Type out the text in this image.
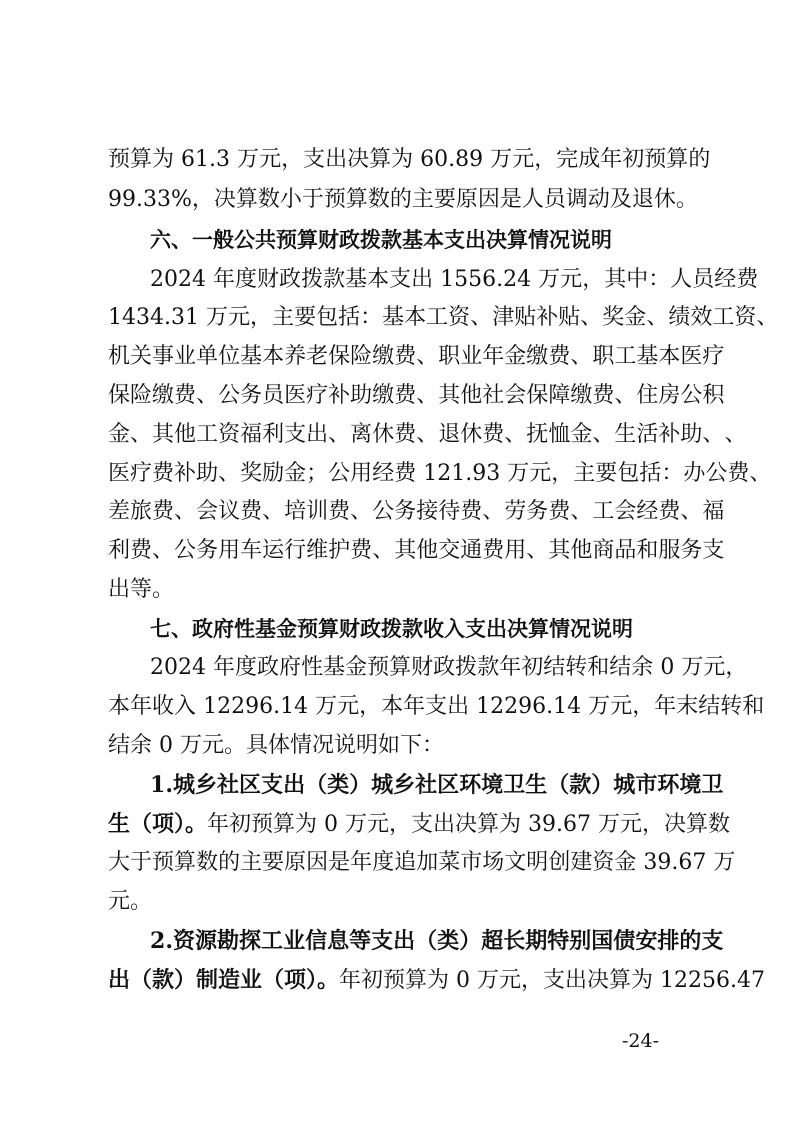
预 算 为
6 1 . 3
万 元 ， 支 出 决 算 为
6 0 . 8 9
万 元 ， 完 成 年 初 预 算 的
99.33%，决算数小于预算数的主要原因是人员调动及退休。
六、一般公共预算财政拨款基本支出决算情况说明
2 0 2 4
年 度 财 政 拨 款 基 本 支 出
1 5 5 6 . 2 4
万 元 ， 其 中 ： 人 员 经 费
1 4 3 4 . 3 1
万 元 ， 主 要 包 括 ： 基 本 工 资 、 津 贴 补 贴 、 奖 金 、 绩 效 工 资 、
机 关 事 业 单 位 基 本 养 老 保 险 缴 费 、 职 业 年 金 缴 费 、 职 工 基 本 医 疗
保 险 缴 费 、 公 务 员 医 疗 补 助 缴 费 、 其 他 社 会 保 障 缴 费 、 住 房 公 积
金 、 其 他 工 资 福 利 支 出 、 离 休 费 、 退 休 费 、 抚 恤 金 、 生 活 补 助 、 、
医 疗 费 补 助 、 奖 励 金 ； 公 用 经 费
1 2 1 . 9 3
万 元 ， 主 要 包 括 ： 办 公 费 、
差 旅 费 、 会 议 费 、 培 训 费 、 公 务 接 待 费 、 劳 务 费 、 工 会 经 费 、 福
利 费 、 公 务 用 车 运 行 维 护 费 、 其 他 交 通 费 用 、 其 他 商 品 和 服 务 支
出等。
七、政府性基金预算财政拨款收入支出决算情况说明
2 0 2 4
年 度 政 府 性 基 金 预 算 财 政 拨 款 年 初 结 转 和 结 余
0
万 元 ，
本 年 收 入
1 2 2 9 6 . 1 4
万 元 ， 本 年 支 出
1 2 2 9 6 . 1 4
万 元 ， 年 末 结 转 和
结余 0 万元。具体情况说明如下：
1 . 城 乡 社 区 支 出 （ 类 ） 城 乡 社 区 环 境 卫 生 （ 款 ） 城 市 环 境 卫
生（项）。年初预算为 0 万元，支出决算为 39.67 万元，决算数
大 于 预 算 数 的 主 要 原 因 是 年 度 追 加 菜 市 场 文 明 创 建 资 金
3 9 . 6 7
万
元。
2 . 资 源 勘 探 工 业 信 息 等 支 出 （ 类 ） 超 长 期 特 别 国 债 安 排 的 支
出（款）制造业（项）。年初预算为 0 万元，支出决算为 12256.47
-24-
